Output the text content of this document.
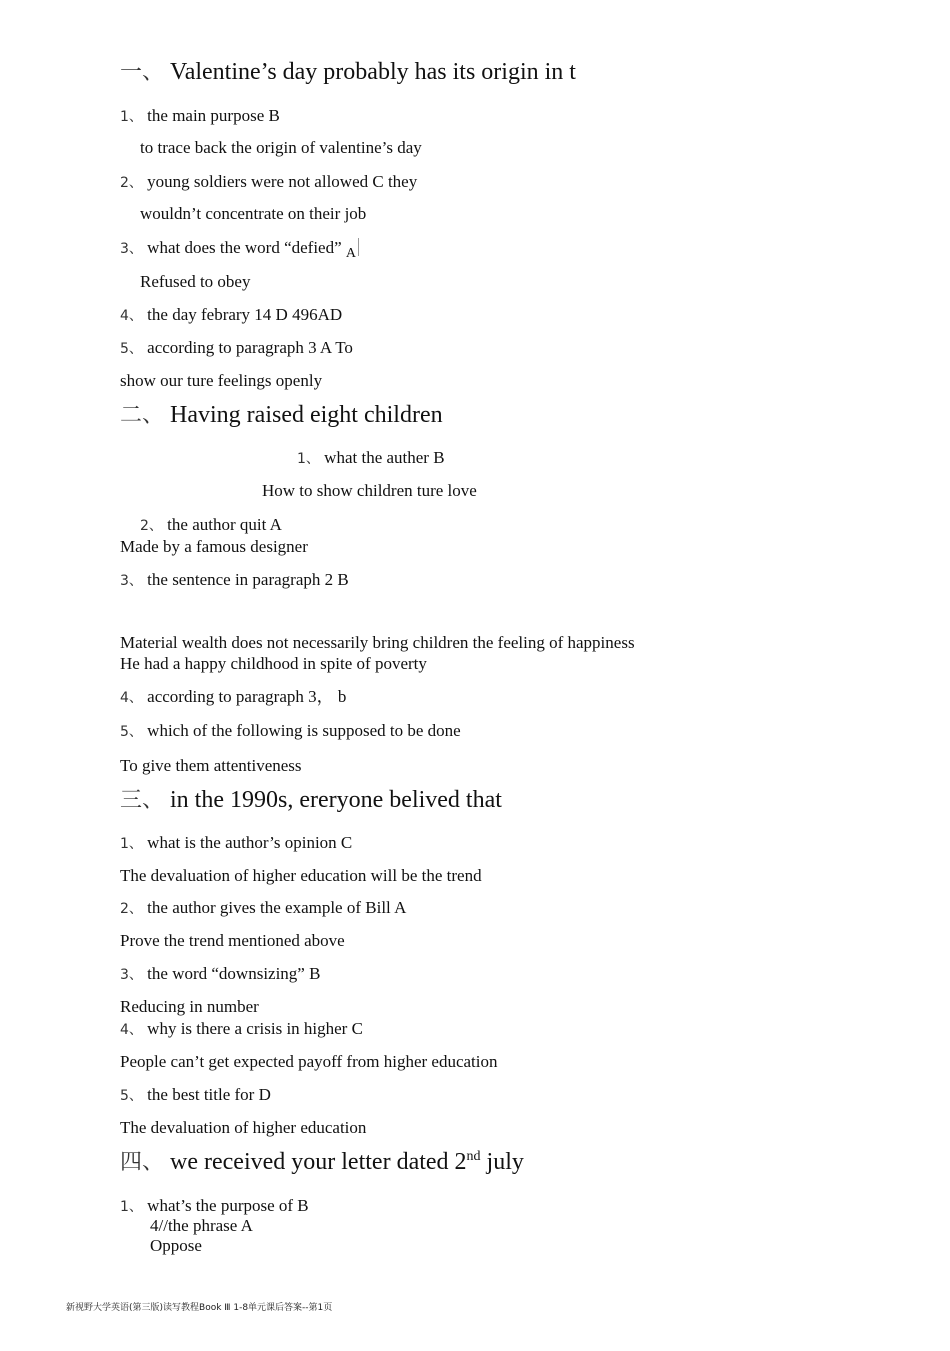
一、 Valentine’s day probably has its origin in t
1、 the main purpose B
to trace back the origin of valentine’s day
2、 young soldiers were not allowed C they
wouldn’t concentrate on their job
3、 what does the word “defied” $_A$
Refused to obey
4、 the day febrary 14 D 496AD
5、 according to paragraph 3 A To
show our ture feelings openly
二、 Having raised eight children
1、 what the auther B
How to show children ture love
2、 the author quit A
Made by a famous designer
3、 the sentence in paragraph 2 B
Material wealth does not necessarily bring children the feeling of happiness
He had a happy childhood in spite of poverty
4、 according to paragraph 3， b
5、 which of the following is supposed to be done
To give them attentiveness
三、 in the 1990s, ereryone belived that
1、 what is the author’s opinion C
The devaluation of higher education will be the trend
2、 the author gives the example of Bill A
Prove the trend mentioned above
3、 the word “downsizing” B
Reducing in number
4、 why is there a crisis in higher C
People can’t get expected payoff from higher education
5、 the best title for D
The devaluation of higher education
四、 we received your letter dated 2nd july
1、 what’s the purpose of B
4//the phrase A
Oppose
新视野大学英语(第三版)读写教程Book Ⅲ 1-8单元课后答案--第1页
